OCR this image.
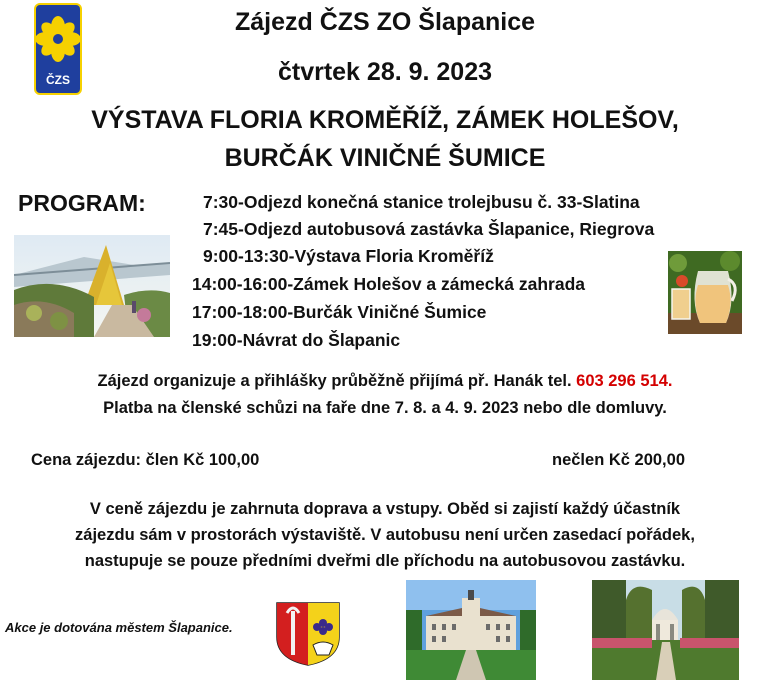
ČZS
Zájezd ČZS ZO Šlapanice
čtvrtek 28. 9. 2023
VÝSTAVA FLORIA KROMĚŘÍŽ, ZÁMEK HOLEŠOV,
BURČÁK VINIČNÉ ŠUMICE
PROGRAM:	7:30-Odjezd konečná stanice trolejbusu č. 33-Slatina
7:45-Odjezd autobusová zastávka Šlapanice, Riegrova
9:00-13:30-Výstava Floria Kroměříž
14:00-16:00-Zámek Holešov a zámecká zahrada
17:00-18:00-Burčák Viničné Šumice
19:00-Návrat do Šlapanic
Zájezd organizuje a přihlášky průběžně přijímá př. Hanák tel. 603 296 514.
Platba na členské schůzi na faře dne 7. 8. a 4. 9. 2023 nebo dle domluvy.
Cena zájezdu: člen Kč 100,00	nečlen Kč 200,00
V ceně zájezdu je zahrnuta doprava a vstupy. Oběd si zajistí každý účastník
zájezdu sám v prostorách výstaviště. V autobusu není určen zasedací pořádek,
nastupuje se pouze předními dveřmi dle příchodu na autobusovou zastávku.
Akce je dotována městem Šlapanice.
